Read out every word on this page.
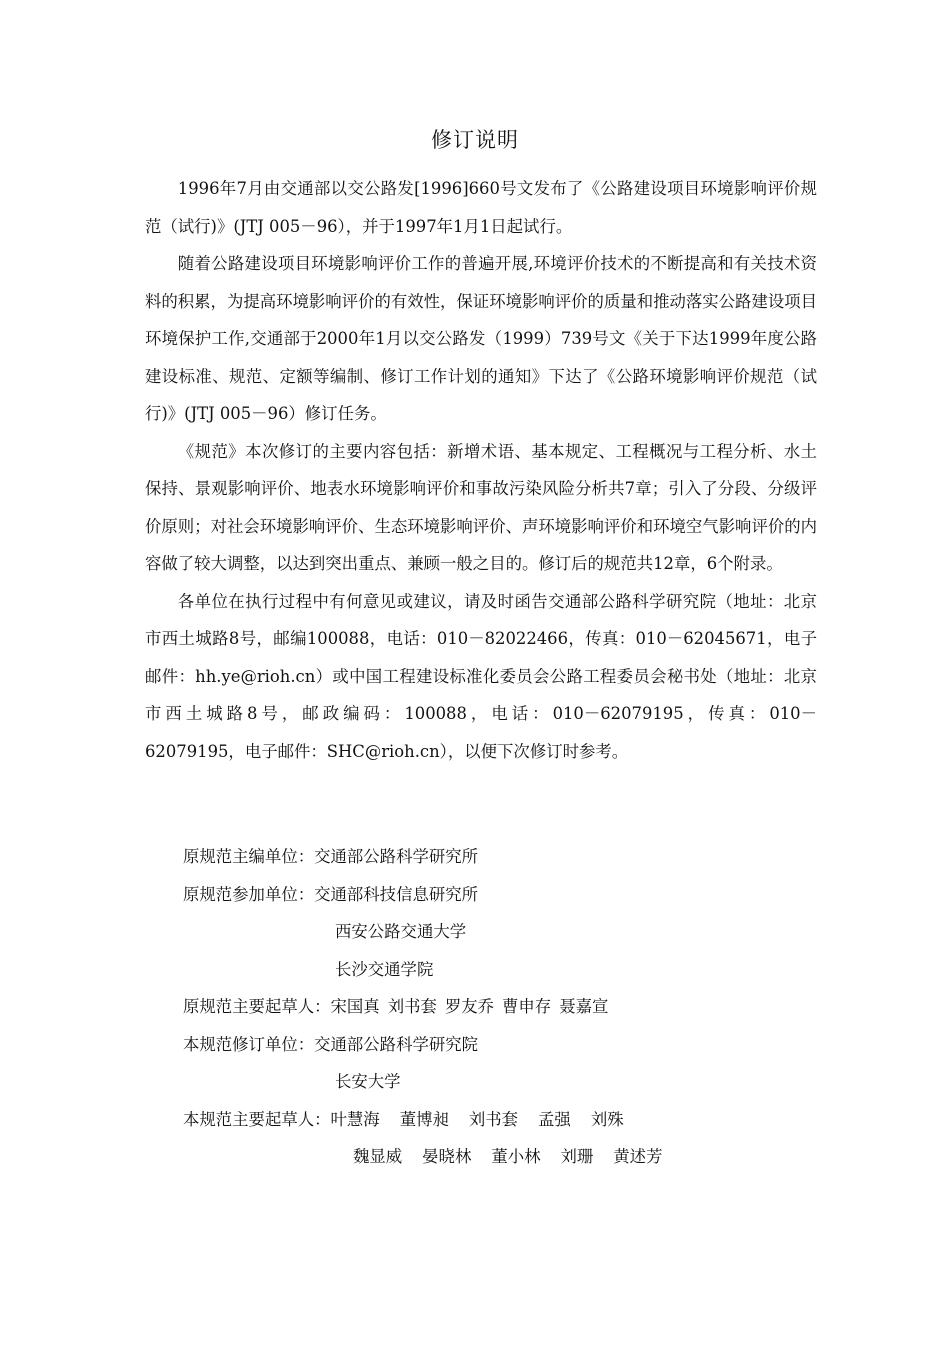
修订说明

1996年7月由交通部以交公路发[1996]660号文发布了《公路建设项目环境影响评价规范（试行)》(JTJ 005－96），并于1997年1月1日起试行。

随着公路建设项目环境影响评价工作的普遍开展,环境评价技术的不断提高和有关技术资料的积累，为提高环境影响评价的有效性，保证环境影响评价的质量和推动落实公路建设项目环境保护工作,交通部于2000年1月以交公路发（1999）739号文《关于下达1999年度公路建设标准、规范、定额等编制、修订工作计划的通知》下达了《公路环境影响评价规范（试行)》(JTJ 005－96）修订任务。

《规范》本次修订的主要内容包括：新增术语、基本规定、工程概况与工程分析、水土保持、景观影响评价、地表水环境影响评价和事故污染风险分析共7章；引入了分段、分级评价原则；对社会环境影响评价、生态环境影响评价、声环境影响评价和环境空气影响评价的内容做了较大调整，以达到突出重点、兼顾一般之目的。修订后的规范共12章，6个附录。

各单位在执行过程中有何意见或建议，请及时函告交通部公路科学研究院（地址：北京市西土城路8号，邮编100088，电话：010－82022466，传真：010－62045671，电子邮件：hh.ye@rioh.cn）或中国工程建设标准化委员会公路工程委员会秘书处（地址：北京市西土城路8号，邮政编码：100088，电话：010－62079195，传真：010－62079195，电子邮件：SHC@rioh.cn），以便下次修订时参考。

原规范主编单位：交通部公路科学研究所
原规范参加单位：交通部科技信息研究所
西安公路交通大学
长沙交通学院
原规范主要起草人：宋国真 刘书套 罗友乔 曹申存 聂嘉宣
本规范修订单位：交通部公路科学研究院
长安大学
本规范主要起草人：叶慧海 董博昶 刘书套 孟强 刘殊
魏显威 晏晓林 董小林 刘珊 黄述芳
